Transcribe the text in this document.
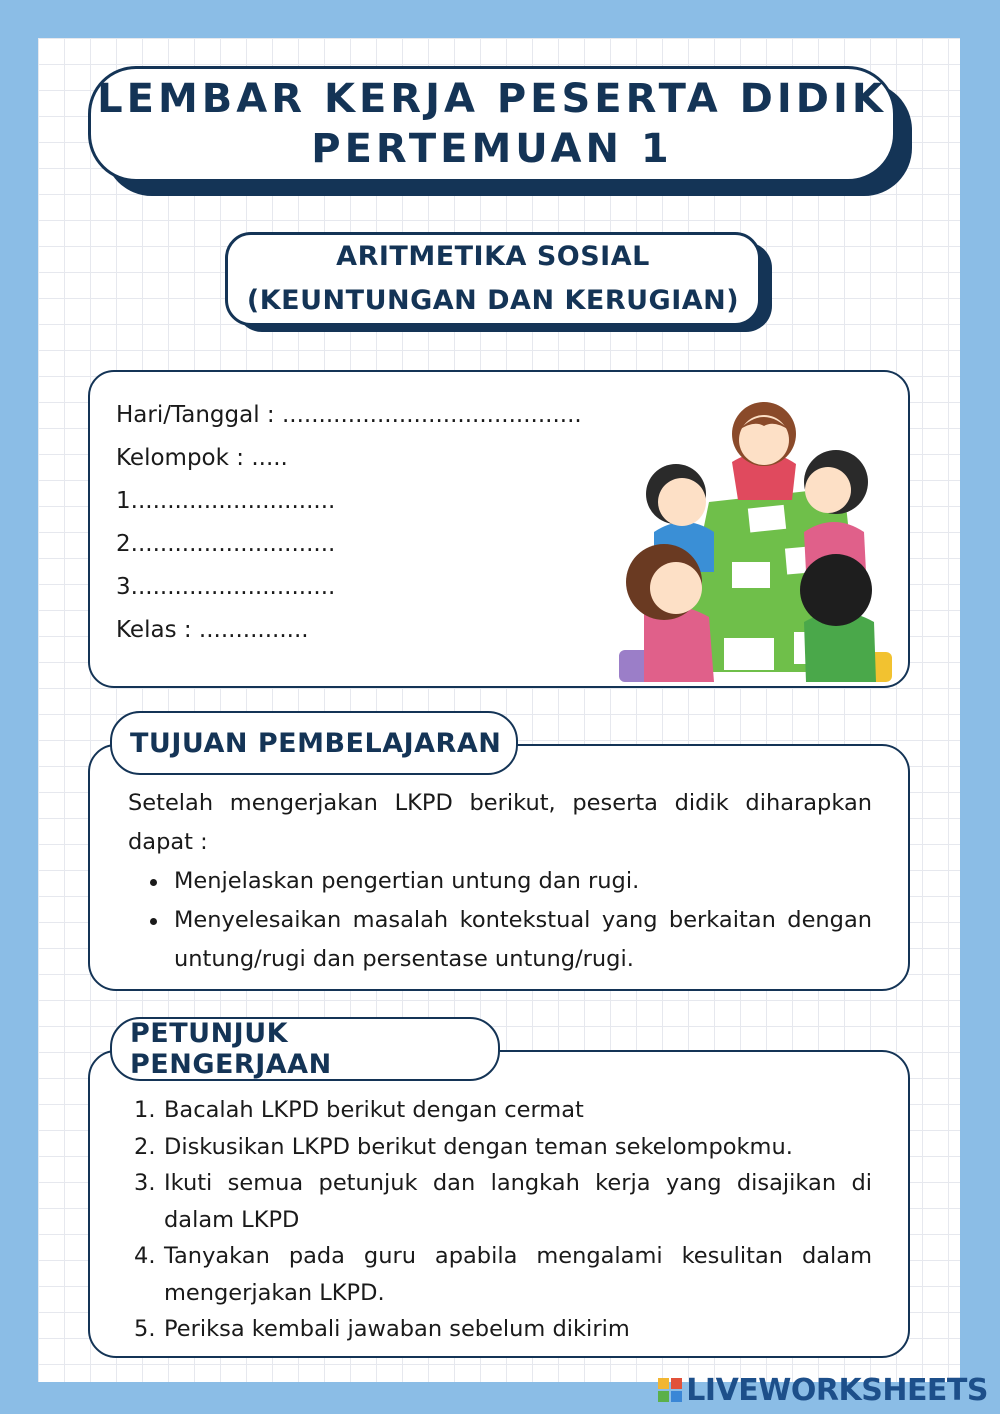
LEMBAR KERJA PESERTA DIDIK
PERTEMUAN 1
ARITMETIKA SOSIAL
(KEUNTUNGAN DAN KERUGIAN)
Hari/Tanggal : .........................................
Kelompok : .....
1............................
2............................
3............................
Kelas : ...............
Setelah mengerjakan LKPD berikut, peserta didik diharapkan dapat :
Menjelaskan pengertian untung dan rugi.
Menyelesaikan masalah kontekstual yang berkaitan dengan untung/rugi dan persentase untung/rugi.
TUJUAN PEMBELAJARAN
1. Bacalah LKPD berikut dengan cermat
2. Diskusikan LKPD berikut dengan teman sekelompokmu.
3. Ikuti semua petunjuk dan langkah kerja yang disajikan di dalam LKPD
4. Tanyakan pada guru apabila mengalami kesulitan dalam mengerjakan LKPD.
5. Periksa kembali jawaban sebelum dikirim
PETUNJUK PENGERJAAN
LIVEWORKSHEETS
